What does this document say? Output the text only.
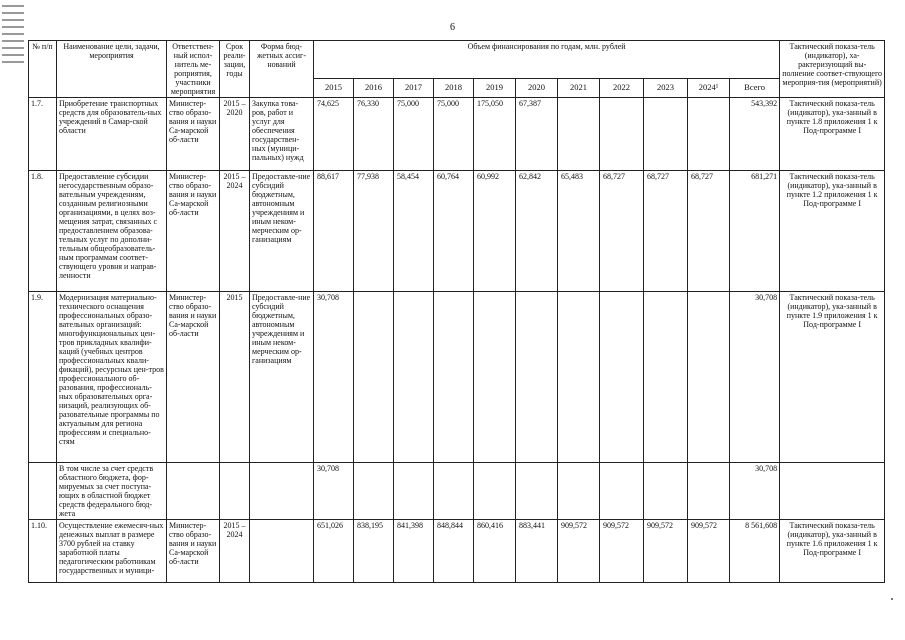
6
№ п/п	Наименование цели, задачи, мероприятия	Ответствен-ный испол-нитель ме-роприятия, участники мероприятия	Срок реали-зации, годы	Форма бюд-жетных ассиг-нований	Объем финансирования по годам, млн. рублей											Тактический показа-тель (индикатор), ха-рактеризующий вы-полнение соответ-ствующего мероприя-тия (мероприятий)
					2015	2016	2017	2018	2019	2020	2021	2022	2023	2024¹	Всего	
1.7.	Приобретение транспортных средств для образователь-ных учреждений в Самар-ской области	Министер-ство образо-вания и науки Са-марской об-ласти	2015 – 2020	Закупка това-ров, работ и услуг для обеспечения государствен-ных (муници-пальных) нужд	74,625	76,330	75,000	75,000	175,050	67,387					543,392	Тактический показа-тель (индикатор), ука-занный в пункте 1.8 приложения 1 к Под-программе I
1.8.	Предоставление субсидии негосударственным образо-вательным учреждениям, созданным религиозными организациями, в целях воз-мещения затрат, связанных с предоставлением образова-тельных услуг по дополни-тельным общеобразователь-ным программам соответ-ствующего уровня и направ-ленности	Министер-ство образо-вания и науки Са-марской об-ласти	2015 – 2024	Предоставле-ние субсидий бюджетным, автономным учреждениям и иным неком-мерческим ор-ганизациям	88,617	77,938	58,454	60,764	60,992	62,842	65,483	68,727	68,727	68,727	681,271	Тактический показа-тель (индикатор), ука-занный в пункте 1.2 приложения 1 к Под-программе I
1.9.	Модернизация материально-технического оснащения профессиональных образо-вательных организаций: многофункциональных цен-тров прикладных квалифи-каций (учебных центров профессиональных квали-фикаций), ресурсных цен-тров профессионального об-разования, профессиональ-ных образовательных орга-низаций, реализующих об-разовательные программы по актуальным для региона профессиям и специально-стям	Министер-ство образо-вания и науки Са-марской об-ласти	2015	Предоставле-ние субсидий бюджетным, автономным учреждениям и иным неком-мерческим ор-ганизациям	30,708										30,708	Тактический показа-тель (индикатор), ука-занный в пункте 1.9 приложения 1 к Под-программе I
	В том числе за счет средств областного бюджета, фор-мируемых за счет поступа-ющих в областной бюджет средств федерального бюд-жета				30,708										30,708	
1.10.	Осуществление ежемесяч-ных денежных выплат в размере 3700 рублей на ставку заработной платы педагогическим работникам государственных и муници-	Министер-ство образо-вания и науки Са-марской об-ласти	2015 – 2024		651,026	838,195	841,398	848,844	860,416	883,441	909,572	909,572	909,572	909,572	8 561,608	Тактический показа-тель (индикатор), ука-занный в пункте 1.6 приложения 1 к Под-программе I
